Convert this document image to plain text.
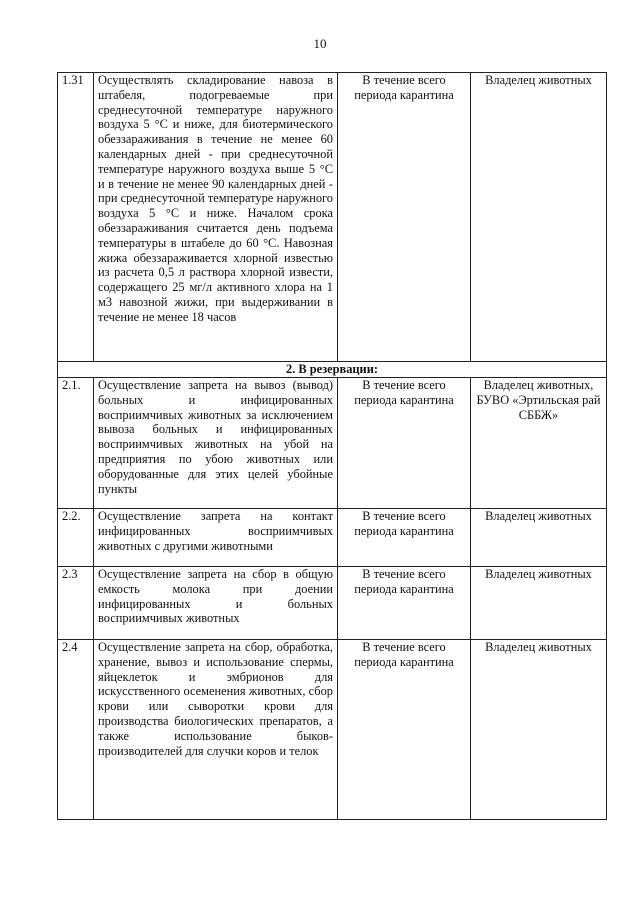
10
1.31	Осуществлять складирование навоза в штабеля, подогреваемые при среднесуточной температуре наружного воздуха 5 °С и ниже, для биотермического обеззараживания в течение не менее 60 календарных дней - при среднесуточной температуре наружного воздуха выше 5 °С и в течение не менее 90 календарных дней - при среднесуточной температуре наружного воздуха 5 °С и ниже. Началом срока обеззараживания считается день подъема температуры в штабеле до 60 °С. Навозная жижа обеззараживается хлорной известью из расчета 0,5 л раствора хлорной извести, содержащего 25 мг/л активного хлора на 1 м3 навозной жижи, при выдерживании в течение не менее 18 часов	В течение всего периода карантина	Владелец животных
2. В резервации:			
2.1.	Осуществление запрета на вывоз (вывод) больных и инфицированных восприимчивых животных за исключением вывоза больных и инфицированных восприимчивых животных на убой на предприятия по убою животных или оборудованные для этих целей убойные пункты	В течение всего периода карантина	Владелец животных, БУВО «Эртильская рай СББЖ»
2.2.	Осуществление запрета на контакт инфицированных восприимчивых животных с другими животными	В течение всего периода карантина	Владелец животных
2.3	Осуществление запрета на сбор в общую емкость молока при доении инфицированных и больных восприимчивых животных	В течение всего периода карантина	Владелец животных
2.4	Осуществление запрета на сбор, обработка, хранение, вывоз и использование спермы, яйцеклеток и эмбрионов для искусственного осеменения животных, сбор крови или сыворотки крови для производства биологических препаратов, а также использование быков-производителей для случки коров и телок	В течение всего периода карантина	Владелец животных
